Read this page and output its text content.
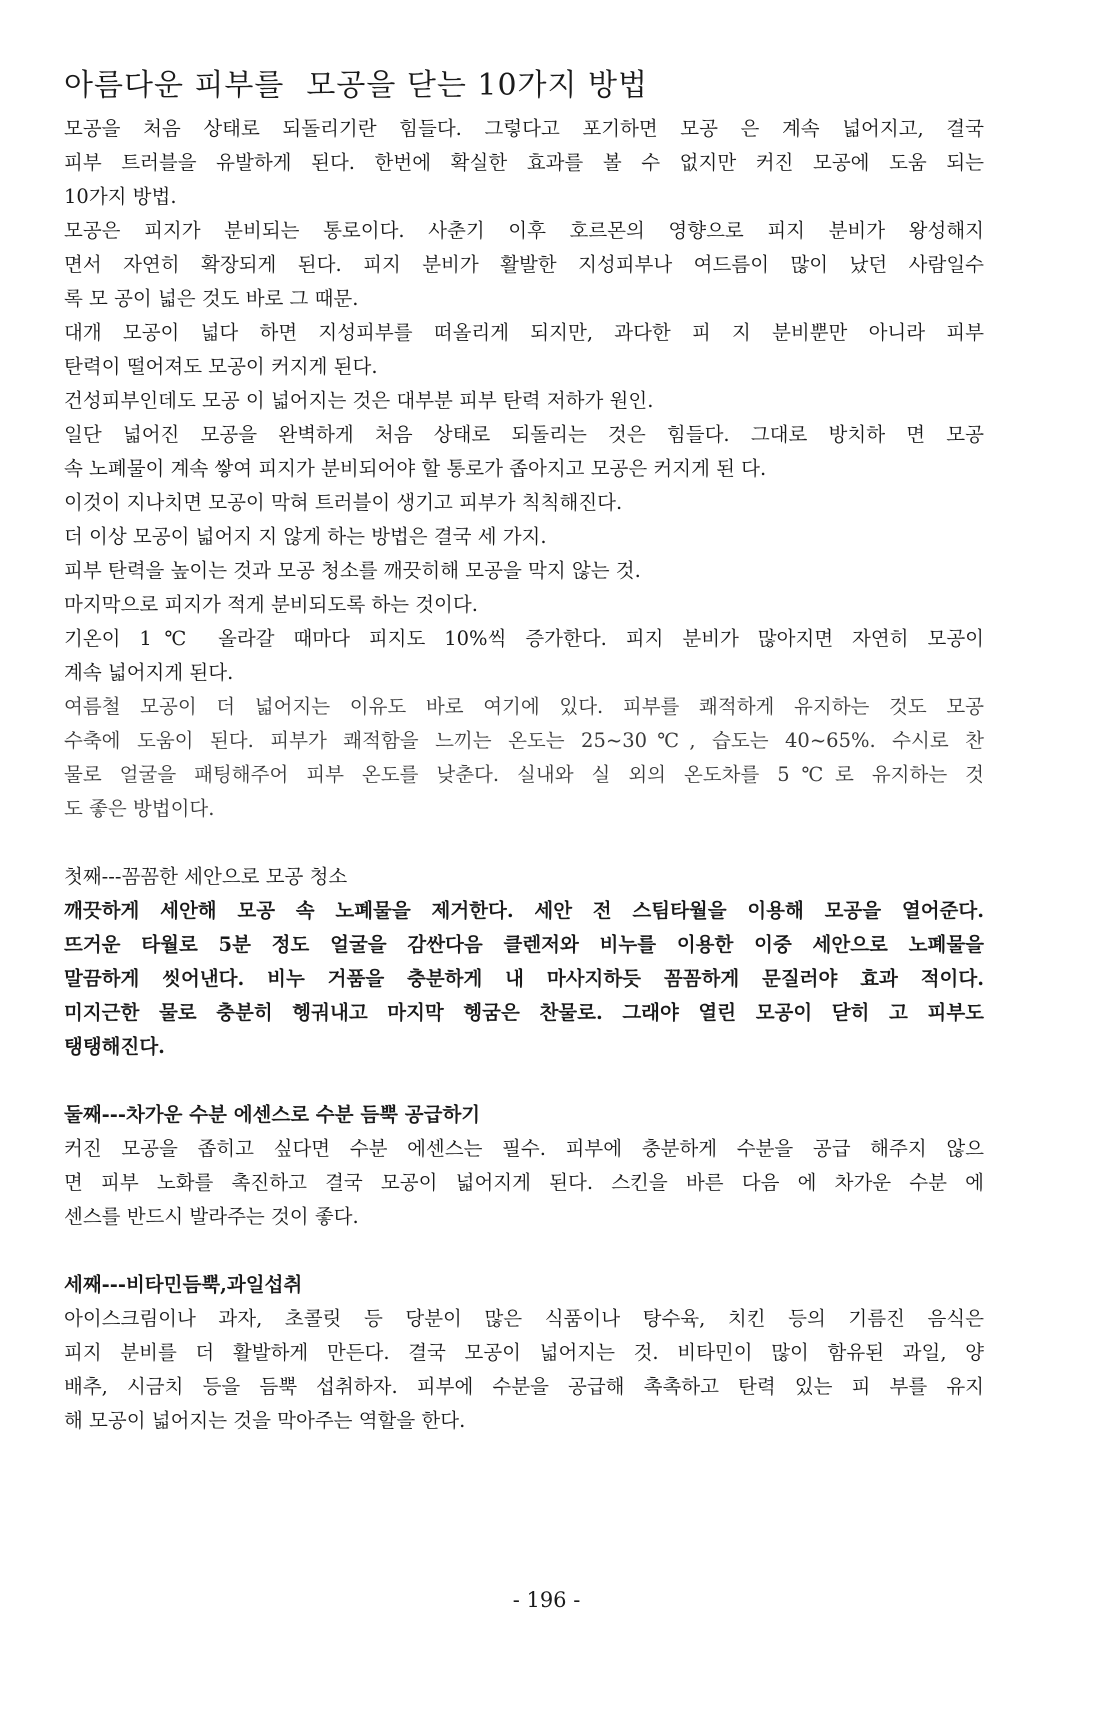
아름다운 피부를 모공을 닫는 10가지 방법
모공을 처음 상태로 되돌리기란 힘들다. 그렇다고 포기하면 모공 은 계속 넓어지고, 결국
피부 트러블을 유발하게 된다. 한번에 확실한 효과를 볼 수 없지만 커진 모공에 도움 되는
10가지 방법.
모공은 피지가 분비되는 통로이다. 사춘기 이후 호르몬의 영향으로 피지 분비가 왕성해지
면서 자연히 확장되게 된다. 피지 분비가 활발한 지성피부나 여드름이 많이 났던 사람일수
록 모 공이 넓은 것도 바로 그 때문.
대개 모공이 넓다 하면 지성피부를 떠올리게 되지만, 과다한 피 지 분비뿐만 아니라 피부
탄력이 떨어져도 모공이 커지게 된다.
건성피부인데도 모공 이 넓어지는 것은 대부분 피부 탄력 저하가 원인.
일단 넓어진 모공을 완벽하게 처음 상태로 되돌리는 것은 힘들다. 그대로 방치하 면 모공
속 노폐물이 계속 쌓여 피지가 분비되어야 할 통로가 좁아지고 모공은 커지게 된 다.
이것이 지나치면 모공이 막혀 트러블이 생기고 피부가 칙칙해진다.
더 이상 모공이 넓어지 지 않게 하는 방법은 결국 세 가지.
피부 탄력을 높이는 것과 모공 청소를 깨끗히해 모공을 막지 않는 것.
마지막으로 피지가 적게 분비되도록 하는 것이다.
기온이 1℃ 올라갈 때마다 피지도 10%씩 증가한다. 피지 분비가 많아지면 자연히 모공이
계속 넓어지게 된다.
여름철 모공이 더 넓어지는 이유도 바로 여기에 있다. 피부를 쾌적하게 유지하는 것도 모공
수축에 도움이 된다. 피부가 쾌적함을 느끼는 온도는 25~30℃, 습도는 40~65%. 수시로 찬
물로 얼굴을 패팅해주어 피부 온도를 낮춘다. 실내와 실 외의 온도차를 5℃로 유지하는 것
도 좋은 방법이다.
첫째---꼼꼼한 세안으로 모공 청소
깨끗하게 세안해 모공 속 노폐물을 제거한다. 세안 전 스팀타월을 이용해 모공을 열어준다.
뜨거운 타월로 5분 정도 얼굴을 감싼다음 클렌저와 비누를 이용한 이중 세안으로 노폐물을
말끔하게 씻어낸다. 비누 거품을 충분하게 내 마사지하듯 꼼꼼하게 문질러야 효과 적이다.
미지근한 물로 충분히 헹궈내고 마지막 헹굼은 찬물로. 그래야 열린 모공이 닫히 고 피부도
탱탱해진다.
둘째---차가운 수분 에센스로 수분 듬뿍 공급하기
커진 모공을 좁히고 싶다면 수분 에센스는 필수. 피부에 충분하게 수분을 공급 해주지 않으
면 피부 노화를 촉진하고 결국 모공이 넓어지게 된다. 스킨을 바른 다음 에 차가운 수분 에
센스를 반드시 발라주는 것이 좋다.
세째---비타민듬뿍,과일섭취
아이스크림이나 과자, 초콜릿 등 당분이 많은 식품이나 탕수육, 치킨 등의 기름진 음식은
피지 분비를 더 활발하게 만든다. 결국 모공이 넓어지는 것. 비타민이 많이 함유된 과일, 양
배추, 시금치 등을 듬뿍 섭취하자. 피부에 수분을 공급해 촉촉하고 탄력 있는 피 부를 유지
해 모공이 넓어지는 것을 막아주는 역할을 한다.
- 196 -
